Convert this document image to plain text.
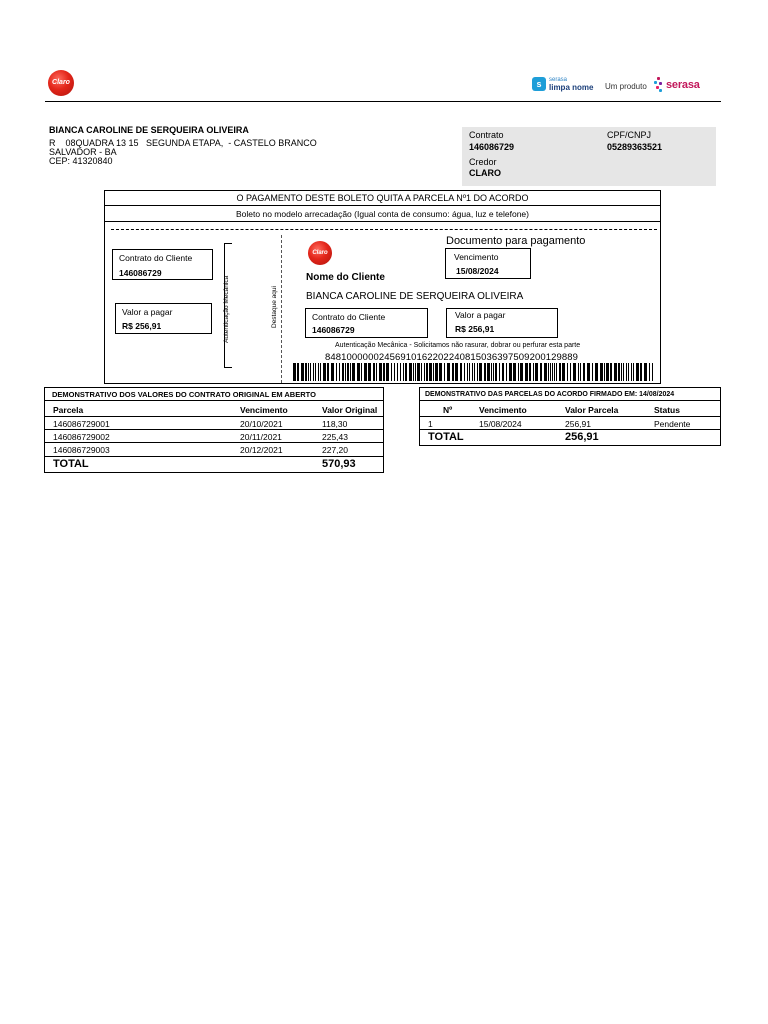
Claro	s	serasa
limpa nome Um produto serasa
BIANCA CAROLINE DE SERQUEIRA OLIVEIRA
R    08QUADRA 13 15   SEGUNDA ETAPA,  - CASTELO BRANCO
SALVADOR - BA
CEP: 41320840
Contrato
146086729
CPF/CNPJ
05289363521
Credor
CLARO
O PAGAMENTO DESTE BOLETO QUITA A PARCELA Nº1 DO ACORDO
Boleto no modelo arrecadação (Igual conta de consumo: água, luz e telefone)
Contrato do Cliente
146086729
Valor a pagar
R$ 256,91	Autenticação Mecânica	Destaque aqui
Claro
Documento para pagamento
Vencimento
15/08/2024
Nome do Cliente
BIANCA CAROLINE DE SERQUEIRA OLIVEIRA
Contrato do Cliente
146086729
Valor a pagar
R$ 256,91
Autenticação Mecânica - Solicitamos não rasurar, dobrar ou perfurar esta parte
84810000002456910162202240815036397509200129889
DEMONSTRATIVO DOS VALORES DO CONTRATO ORIGINAL EM ABERTO
Parcela	Vencimento	Valor Original
146086729001	20/10/2021	118,30
146086729002	20/11/2021	225,43
146086729003	20/12/2021	227,20
TOTAL	570,93
DEMONSTRATIVO DAS PARCELAS DO ACORDO FIRMADO EM: 14/08/2024
Nº	Vencimento	Valor Parcela	Status
1	15/08/2024	256,91	Pendente
TOTAL	256,91
